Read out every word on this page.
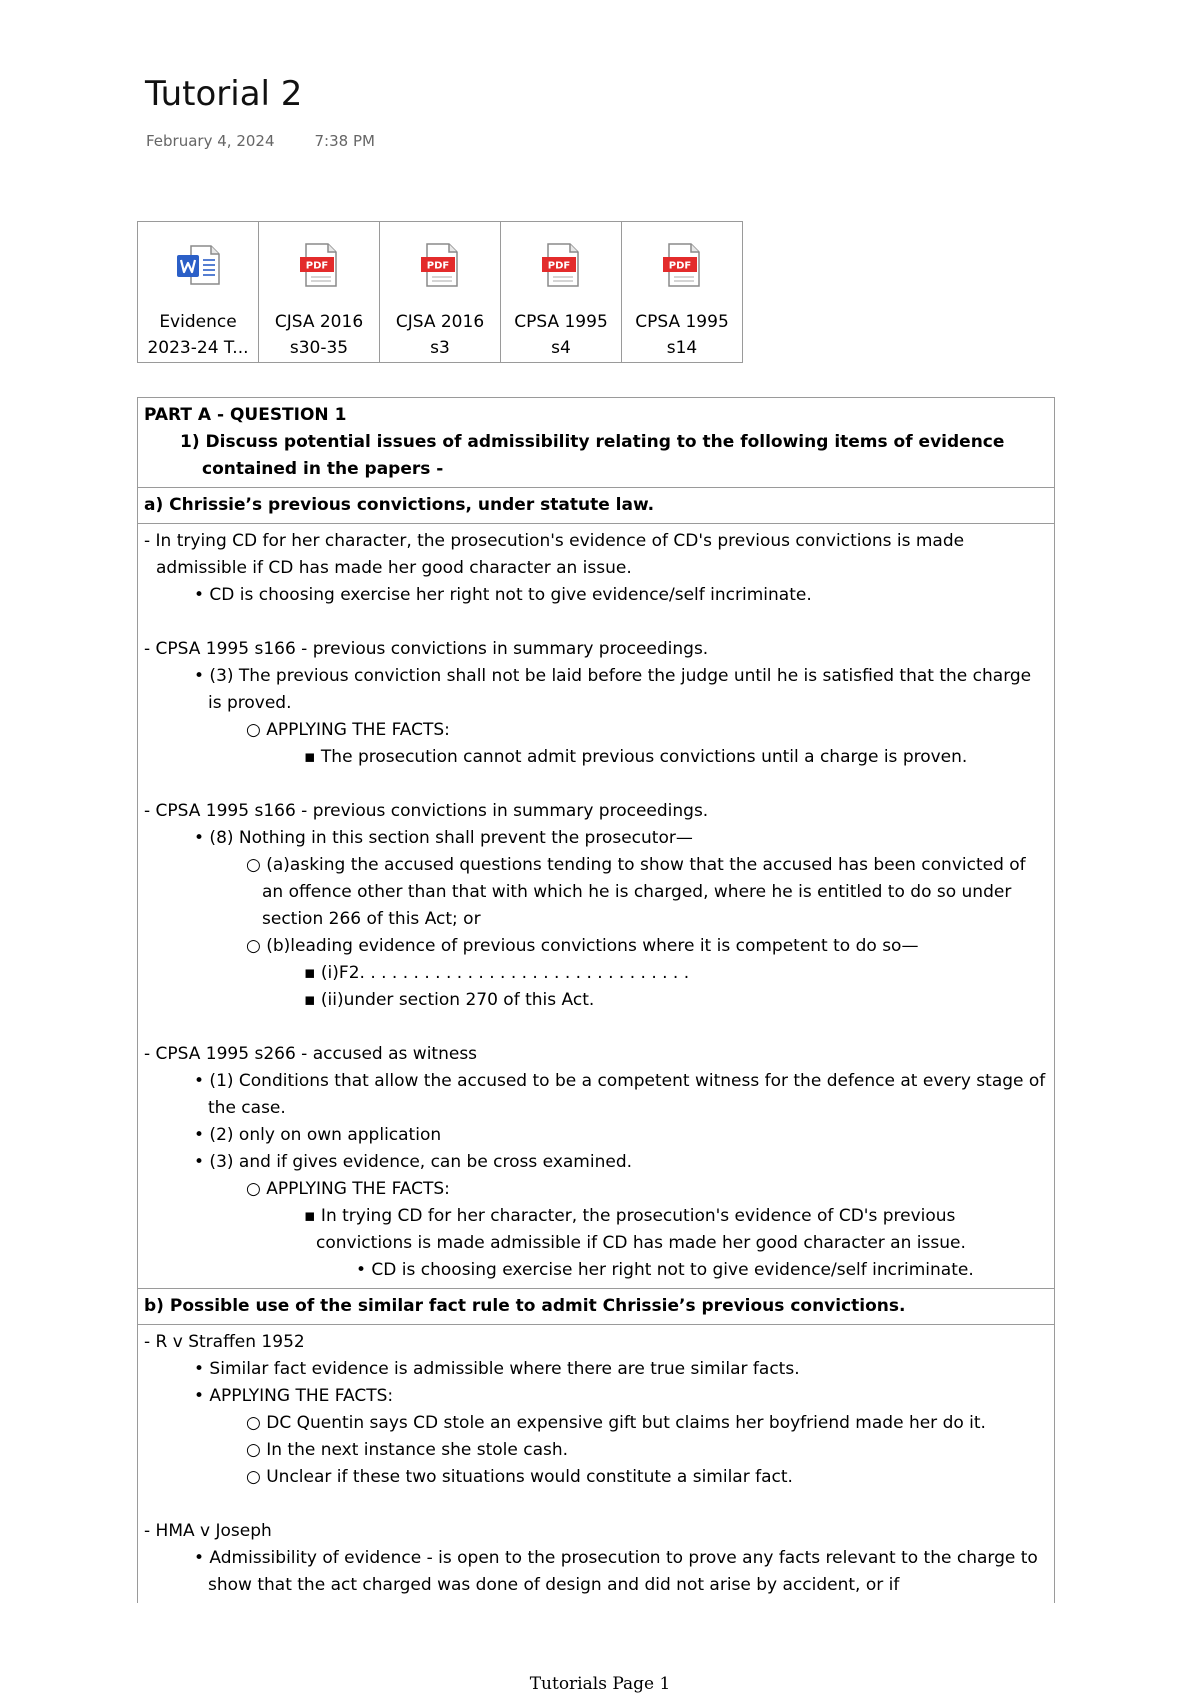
Tutorial 2
February 4, 2024	7:38 PM
Evidence
2023-24 T...

PDF
CJSA 2016
s30-35

PDF
CJSA 2016
s3

PDF
CPSA 1995
s4

PDF
CPSA 1995
s14
PART A - QUESTION 1
1) Discuss potential issues of admissibility relating to the following items of evidence
contained in the papers -
a) Chrissie’s previous convictions, under statute law.
- In trying CD for her character, the prosecution's evidence of CD's previous convictions is made admissible if CD has made her good character an issue.
• CD is choosing exercise her right not to give evidence/self incriminate.
- CPSA 1995 s166 - previous convictions in summary proceedings.
• (3) The previous conviction shall not be laid before the judge until he is satisfied that the charge is proved.
○ APPLYING THE FACTS:
▪ The prosecution cannot admit previous convictions until a charge is proven.
- CPSA 1995 s166 - previous convictions in summary proceedings.
• (8) Nothing in this section shall prevent the prosecutor—
○ (a)asking the accused questions tending to show that the accused has been convicted of an offence other than that with which he is charged, where he is entitled to do so under section 266 of this Act; or
○ (b)leading evidence of previous convictions where it is competent to do so—
▪ (i)F2. . . . . . . . . . . . . . . . . . . . . . . . . . . . . . .
▪ (ii)under section 270 of this Act.
- CPSA 1995 s266 - accused as witness
• (1) Conditions that allow the accused to be a competent witness for the defence at every stage of the case.
• (2) only on own application
• (3) and if gives evidence, can be cross examined.
○ APPLYING THE FACTS:
▪ In trying CD for her character, the prosecution's evidence of CD's previous convictions is made admissible if CD has made her good character an issue.
• CD is choosing exercise her right not to give evidence/self incriminate.
b) Possible use of the similar fact rule to admit Chrissie’s previous convictions.
- R v Straffen 1952
• Similar fact evidence is admissible where there are true similar facts.
• APPLYING THE FACTS:
○ DC Quentin says CD stole an expensive gift but claims her boyfriend made her do it.
○ In the next instance she stole cash.
○ Unclear if these two situations would constitute a similar fact.
- HMA v Joseph
• Admissibility of evidence - is open to the prosecution to prove any facts relevant to the charge to show that the act charged was done of design and did not arise by accident, or if
Tutorials Page 1
